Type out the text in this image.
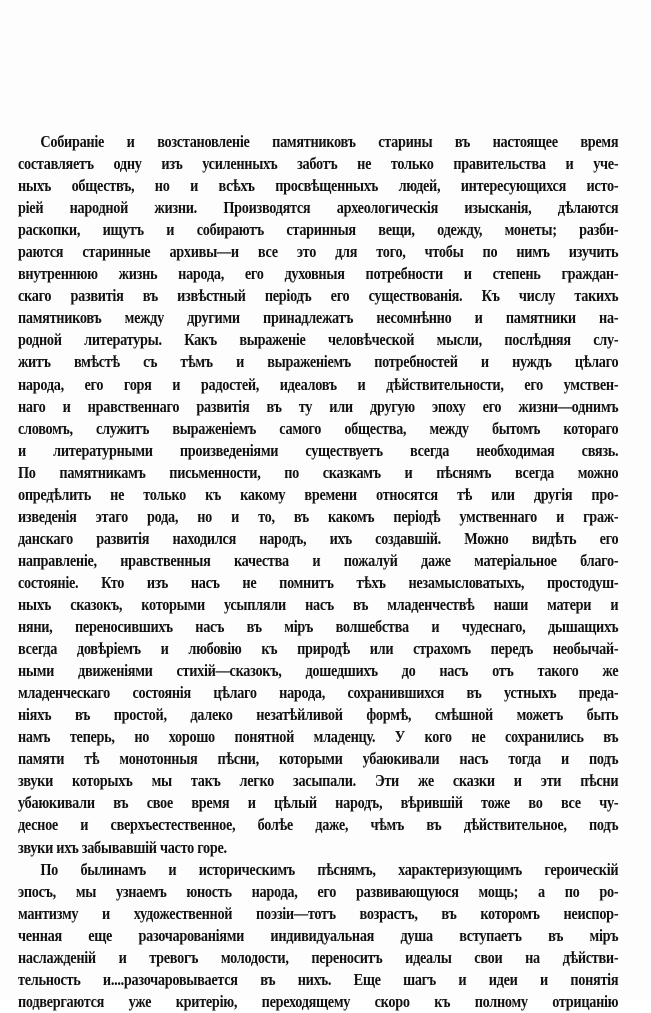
Собираніе и возстановленіе памятниковъ старины въ настоящее время
составляетъ одну изъ усиленныхъ заботъ не только правительства и уче-
ныхъ обществъ, но и всѣхъ просвѣщенныхъ людей, интересующихся исто-
ріей народной жизни. Производятся археологическія изысканія, дѣлаются
раскопки, ищутъ и собираютъ старинныя вещи, одежду, монеты; разби-
раются старинные архивы—и все это для того, чтобы по нимъ изучить
внутреннюю жизнь народа, его духовныя потребности и степень граждан-
скаго развитія въ извѣстный періодъ его существованія. Къ числу такихъ
памятниковъ между другими принадлежатъ несомнѣнно и памятники на-
родной литературы. Какъ выраженіе человѣческой мысли, послѣдняя слу-
житъ вмѣстѣ съ тѣмъ и выраженіемъ потребностей и нуждъ цѣлаго
народа, его горя и радостей, идеаловъ и дѣйствительности, его умствен-
наго и нравственнаго развитія въ ту или другую эпоху его жизни—однимъ
словомъ, служитъ выраженіемъ самого общества, между бытомъ котораго
и литературными произведеніями существуетъ всегда необходимая связь.
По памятникамъ письменности, по сказкамъ и пѣснямъ всегда можно
опредѣлить не только къ какому времени относятся тѣ или другія про-
изведенія этаго рода, но и то, въ какомъ періодѣ умственнаго и граж-
данскаго развитія находился народъ, ихъ создавшій. Можно видѣть его
направленіе, нравственныя качества и пожалуй даже матеріальное благо-
состояніе. Кто изъ насъ не помнитъ тѣхъ незамысловатыхъ, простодуш-
ныхъ сказокъ, которыми усыпляли насъ въ младенчествѣ наши матери и
няни, переносившихъ насъ въ міръ волшебства и чудеснаго, дышащихъ
всегда довѣріемъ и любовію къ природѣ или страхомъ передъ необычай-
ными движеніями стихій—сказокъ, дошедшихъ до насъ отъ такого же
младенческаго состоянія цѣлаго народа, сохранившихся въ устныхъ преда-
ніяхъ въ простой, далеко незатѣйливой формѣ, смѣшной можетъ быть
намъ теперь, но хорошо понятной младенцу. У кого не сохранились въ
памяти тѣ монотонныя пѣсни, которыми убаюкивали насъ тогда и подъ
звуки которыхъ мы такъ легко засыпали. Эти же сказки и эти пѣсни
убаюкивали въ свое время и цѣлый народъ, вѣрившій тоже во все чу-
десное и сверхъестественное, болѣе даже, чѣмъ въ дѣйствительное, подъ
звуки ихъ забывавшій часто горе.
По былинамъ и историческимъ пѣснямъ, характеризующимъ героическій
эпосъ, мы узнаемъ юность народа, его развивающуюся мощь; а по ро-
мантизму и художественной поэзіи—тотъ возрастъ, въ которомъ неиспор-
ченная еще разочарованіями индивидуальная душа вступаетъ въ міръ
наслажденій и тревогъ молодости, переноситъ идеалы свои на дѣйстви-
тельность и....разочаровывается въ нихъ. Еще шагъ и идеи и понятія
подвергаются уже критерію, переходящему скоро къ полному отрицанію
